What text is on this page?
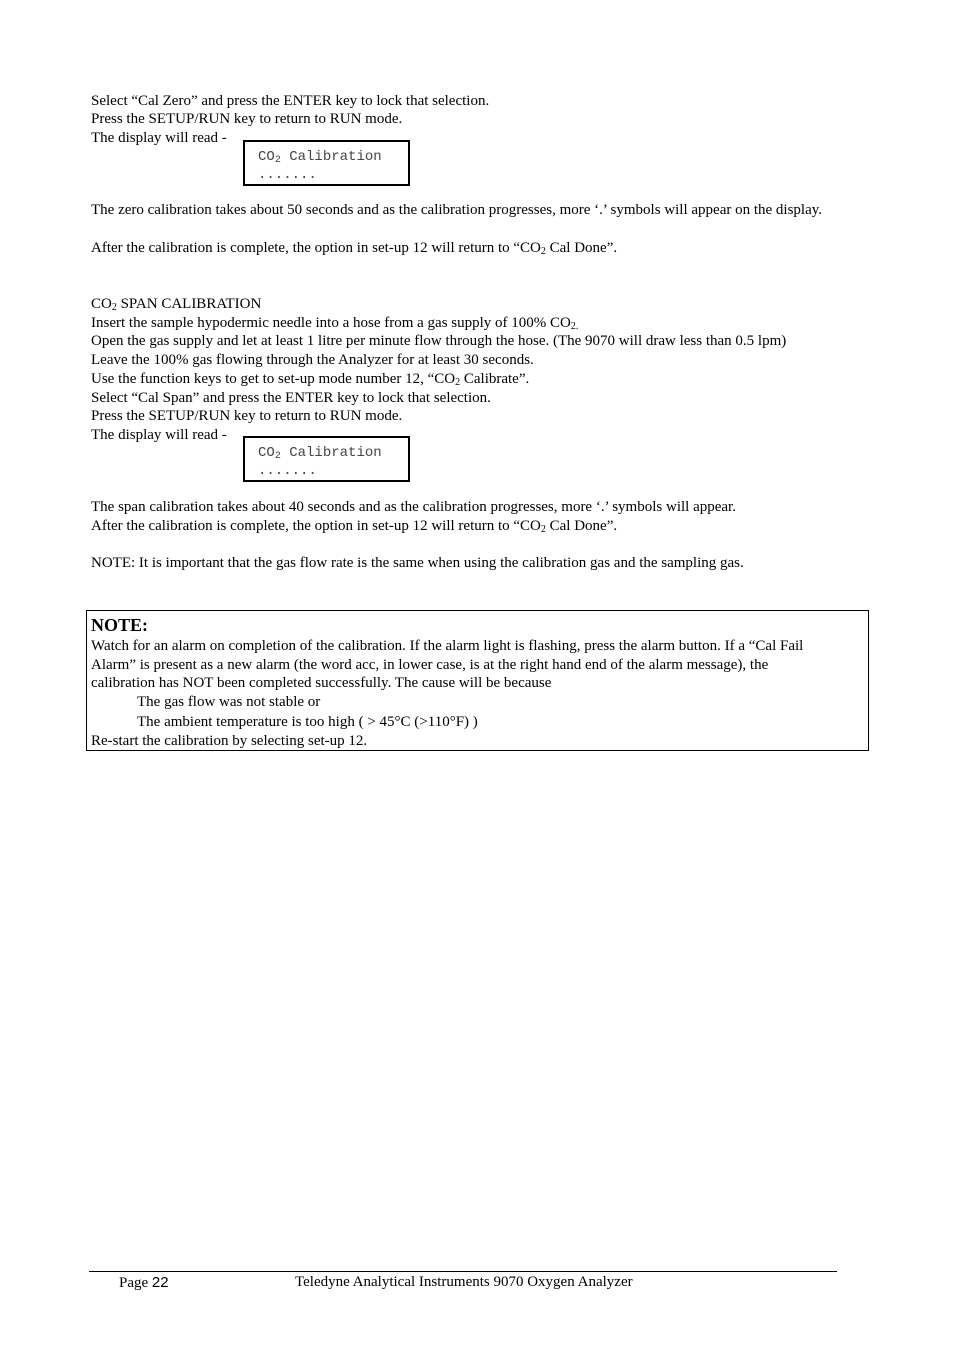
Select “Cal Zero” and press the ENTER key to lock that selection.
Press the SETUP/RUN key to return to RUN mode.
The display will read -
$CO_2$ Calibration
.......
The zero calibration takes about 50 seconds and as the calibration progresses, more ‘.’ symbols will appear on the display.
After the calibration is complete, the option in set-up 12 will return to “$CO_2$ Cal Done”.
$CO_2$ SPAN CALIBRATION
Insert the sample hypodermic needle into a hose from a gas supply of 100% $CO_{2.}$
Open the gas supply and let at least 1 litre per minute flow through the hose. (The 9070 will draw less than 0.5 lpm)
Leave the 100% gas flowing through the Analyzer for at least 30 seconds.
Use the function keys to get to set-up mode number 12, “$CO_2$ Calibrate”.
Select “Cal Span” and press the ENTER key to lock that selection.
Press the SETUP/RUN key to return to RUN mode.
The display will read -
$CO_2$ Calibration
.......
The span calibration takes about 40 seconds and as the calibration progresses, more ‘.’ symbols will appear.
After the calibration is complete, the option in set-up 12 will return to “$CO_2$ Cal Done”.
NOTE: It is important that the gas flow rate is the same when using the calibration gas and the sampling gas.
NOTE:
Watch for an alarm on completion of the calibration. If the alarm light is flashing, press the alarm button. If a “Cal Fail
Alarm” is present as a new alarm (the word acc, in lower case, is at the right hand end of the alarm message), the
calibration has NOT been completed successfully. The cause will be because
The gas flow was not stable or
The ambient temperature is too high ( > 45°C (>110°F) )
Re-start the calibration by selecting set-up 12.
Page 22	Teledyne Analytical Instruments 9070 Oxygen Analyzer
